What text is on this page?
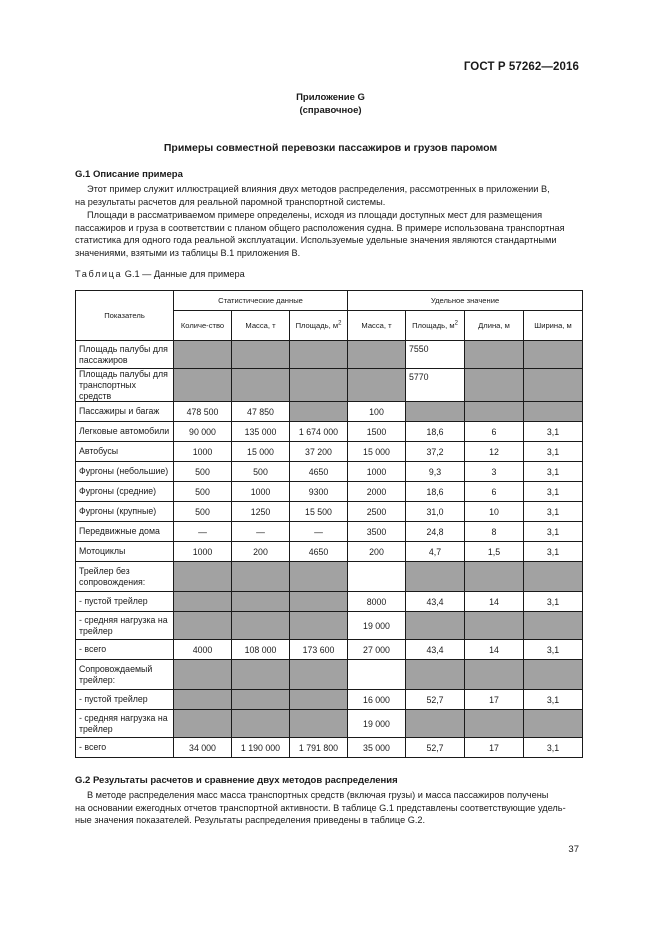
ГОСТ Р 57262—2016
Приложение G
(справочное)
Примеры совместной перевозки пассажиров и грузов паромом
G.1 Описание примера
Этот пример служит иллюстрацией влияния двух методов распределения, рассмотренных в приложении В,
на результаты расчетов для реальной паромной транспортной системы.
Площади в рассматриваемом примере определены, исходя из площади доступных мест для размещения
пассажиров и груза в соответствии с планом общего расположения судна. В примере использована транспортная
статистика для одного года реальной эксплуатации. Используемые удельные значения являются стандартными
значениями, взятыми из таблицы В.1 приложения В.
Таблица G.1 — Данные для примера
Показатель	Статистические данные			Удельное значение			
	Количе-ство	Масса, т	Площадь, $м^2$	Масса, т	Площадь, $м^2$	Длина, м	Ширина, м
Площадь палубы для пассажиров					7550		
Площадь палубы для транспортных средств					5770		
Пассажиры и багаж	478 500	47 850		100			
Легковые автомобили	90 000	135 000	1 674 000	1500	18,6	6	3,1
Автобусы	1000	15 000	37 200	15 000	37,2	12	3,1
Фургоны (небольшие)	500	500	4650	1000	9,3	3	3,1
Фургоны (средние)	500	1000	9300	2000	18,6	6	3,1
Фургоны (крупные)	500	1250	15 500	2500	31,0	10	3,1
Передвижные дома	—	—	—	3500	24,8	8	3,1
Мотоциклы	1000	200	4650	200	4,7	1,5	3,1
Трейлер без сопровождения:							
- пустой трейлер				8000	43,4	14	3,1
- средняя нагрузка на трейлер				19 000			
- всего	4000	108 000	173 600	27 000	43,4	14	3,1
Сопровождаемый трейлер:							
- пустой трейлер				16 000	52,7	17	3,1
- средняя нагрузка на трейлер				19 000			
- всего	34 000	1 190 000	1 791 800	35 000	52,7	17	3,1
G.2 Результаты расчетов и сравнение двух методов распределения
В методе распределения масс масса транспортных средств (включая грузы) и масса пассажиров получены
на основании ежегодных отчетов транспортной активности. В таблице G.1 представлены соответствующие удель-
ные значения показателей. Результаты распределения приведены в таблице G.2.
37
